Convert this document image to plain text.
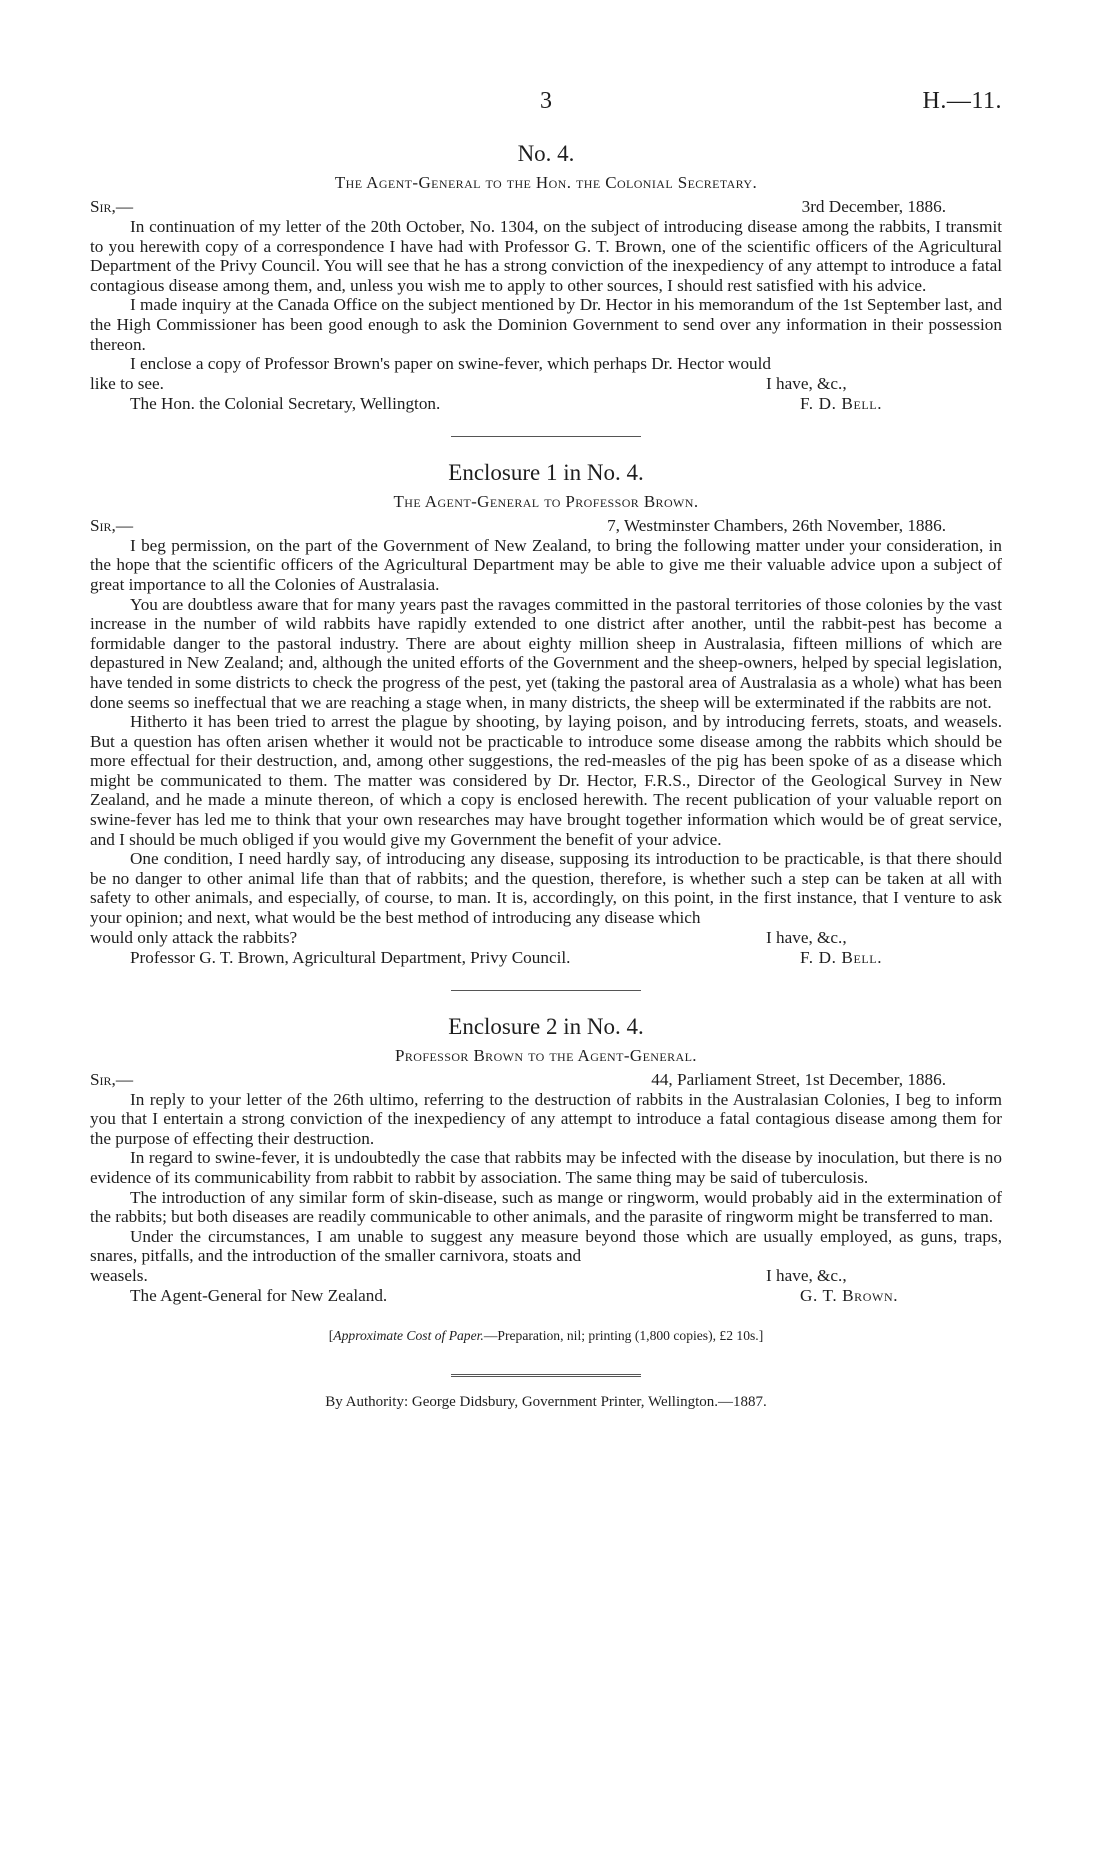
3	H.—11.
No. 4.
The Agent-General to the Hon. the Colonial Secretary.
Sir,—	3rd December, 1886.

In continuation of my letter of the 20th October, No. 1304, on the subject of introducing disease among the rabbits, I transmit to you herewith copy of a correspondence I have had with Professor G. T. Brown, one of the scientific officers of the Agricultural Department of the Privy Council. You will see that he has a strong conviction of the inexpediency of any attempt to introduce a fatal contagious disease among them, and, unless you wish me to apply to other sources, I should rest satisfied with his advice.

I made inquiry at the Canada Office on the subject mentioned by Dr. Hector in his memorandum of the 1st September last, and the High Commissioner has been good enough to ask the Dominion Government to send over any information in their possession thereon.

I enclose a copy of Professor Brown's paper on swine-fever, which perhaps Dr. Hector would

like to see.	I have, &c.,
The Hon. the Colonial Secretary, Wellington.	F. D. Bell.
Enclosure 1 in No. 4.
The Agent-General to Professor Brown.
Sir,—	7, Westminster Chambers, 26th November, 1886.

I beg permission, on the part of the Government of New Zealand, to bring the following matter under your consideration, in the hope that the scientific officers of the Agricultural Department may be able to give me their valuable advice upon a subject of great importance to all the Colonies of Australasia.

You are doubtless aware that for many years past the ravages committed in the pastoral territories of those colonies by the vast increase in the number of wild rabbits have rapidly extended to one district after another, until the rabbit-pest has become a formidable danger to the pastoral industry. There are about eighty million sheep in Australasia, fifteen millions of which are depastured in New Zealand; and, although the united efforts of the Government and the sheep-owners, helped by special legislation, have tended in some districts to check the progress of the pest, yet (taking the pastoral area of Australasia as a whole) what has been done seems so ineffectual that we are reaching a stage when, in many districts, the sheep will be exterminated if the rabbits are not.

Hitherto it has been tried to arrest the plague by shooting, by laying poison, and by introducing ferrets, stoats, and weasels. But a question has often arisen whether it would not be practicable to introduce some disease among the rabbits which should be more effectual for their destruction, and, among other suggestions, the red-measles of the pig has been spoke of as a disease which might be communicated to them. The matter was considered by Dr. Hector, F.R.S., Director of the Geological Survey in New Zealand, and he made a minute thereon, of which a copy is enclosed herewith. The recent publication of your valuable report on swine-fever has led me to think that your own researches may have brought together information which would be of great service, and I should be much obliged if you would give my Government the benefit of your advice.

One condition, I need hardly say, of introducing any disease, supposing its introduction to be practicable, is that there should be no danger to other animal life than that of rabbits; and the question, therefore, is whether such a step can be taken at all with safety to other animals, and especially, of course, to man. It is, accordingly, on this point, in the first instance, that I venture to ask your opinion; and next, what would be the best method of introducing any disease which

would only attack the rabbits?	I have, &c.,
Professor G. T. Brown, Agricultural Department, Privy Council.	F. D. Bell.
Enclosure 2 in No. 4.
Professor Brown to the Agent-General.
Sir,—	44, Parliament Street, 1st December, 1886.

In reply to your letter of the 26th ultimo, referring to the destruction of rabbits in the Australasian Colonies, I beg to inform you that I entertain a strong conviction of the inexpediency of any attempt to introduce a fatal contagious disease among them for the purpose of effecting their destruction.

In regard to swine-fever, it is undoubtedly the case that rabbits may be infected with the disease by inoculation, but there is no evidence of its communicability from rabbit to rabbit by association. The same thing may be said of tuberculosis.

The introduction of any similar form of skin-disease, such as mange or ringworm, would probably aid in the extermination of the rabbits; but both diseases are readily communicable to other animals, and the parasite of ringworm might be transferred to man.

Under the circumstances, I am unable to suggest any measure beyond those which are usually employed, as guns, traps, snares, pitfalls, and the introduction of the smaller carnivora, stoats and

weasels.	I have, &c.,
The Agent-General for New Zealand.	G. T. Brown.
[Approximate Cost of Paper.—Preparation, nil; printing (1,800 copies), £2 10s.]
By Authority: George Didsbury, Government Printer, Wellington.—1887.
